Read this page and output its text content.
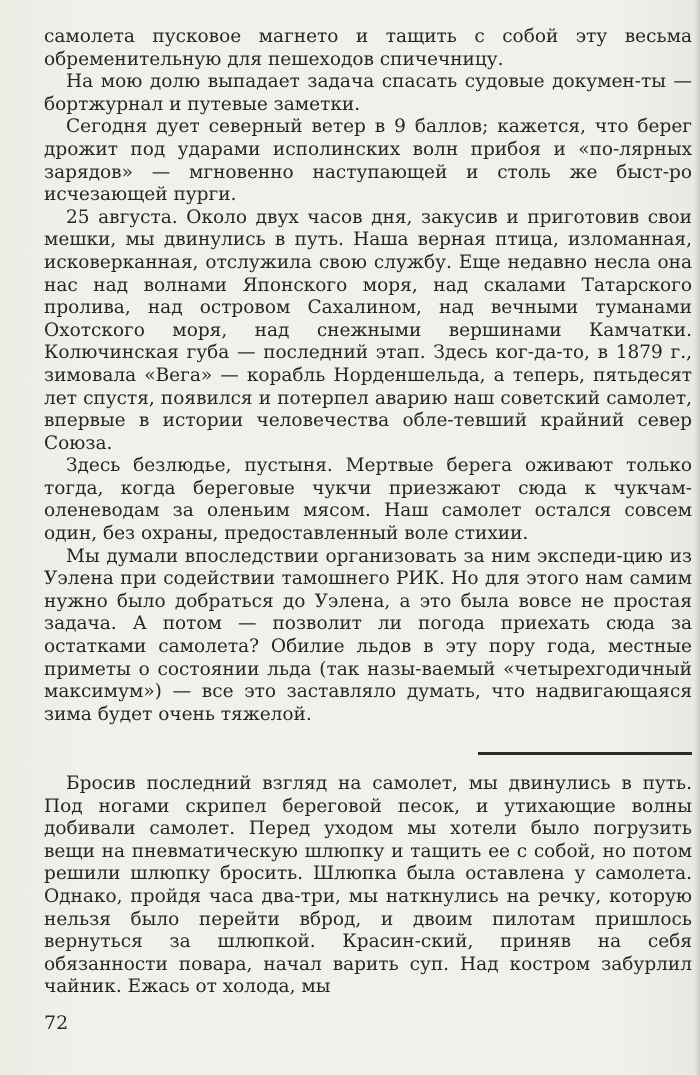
самолета пусковое магнето и тащить с собой эту весьма обременительную для пешеходов спичечницу.

На мою долю выпадает задача спасать судовые докумен-ты — бортжурнал и путевые заметки.

Сегодня дует северный ветер в 9 баллов; кажется, что берег дрожит под ударами исполинских волн прибоя и «по-лярных зарядов» — мгновенно наступающей и столь же быст-ро исчезающей пурги.

25 августа. Около двух часов дня, закусив и приготовив свои мешки, мы двинулись в путь. Наша верная птица, изломанная, исковерканная, отслужила свою службу. Еще недавно несла она нас над волнами Японского моря, над скалами Татарского пролива, над островом Сахалином, над вечными туманами Охотского моря, над снежными вершинами Камчатки. Колючинская губа — последний этап. Здесь ког-да-то, в 1879 г., зимовала «Вега» — корабль Норденшельда, а теперь, пятьдесят лет спустя, появился и потерпел аварию наш советский самолет, впервые в истории человечества обле-тевший крайний север Союза.

Здесь безлюдье, пустыня. Мертвые берега оживают только тогда, когда береговые чукчи приезжают сюда к чукчам-оленеводам за оленьим мясом. Наш самолет остался совсем один, без охраны, предоставленный воле стихии.

Мы думали впоследствии организовать за ним экспеди-цию из Уэлена при содействии тамошнего РИК. Но для этого нам самим нужно было добраться до Уэлена, а это была вовсе не простая задача. А потом — позволит ли погода приехать сюда за остатками самолета? Обилие льдов в эту пору года, местные приметы о состоянии льда (так назы-ваемый «четырехгодичный максимум») — все это заставляло думать, что надвигающаяся зима будет очень тяжелой.

Бросив последний взгляд на самолет, мы двинулись в путь. Под ногами скрипел береговой песок, и утихающие волны добивали самолет. Перед уходом мы хотели было погрузить вещи на пневматическую шлюпку и тащить ее с собой, но потом решили шлюпку бросить. Шлюпка была оставлена у самолета. Однако, пройдя часа два-три, мы наткнулись на речку, которую нельзя было перейти вброд, и двоим пилотам пришлось вернуться за шлюпкой. Красин-ский, приняв на себя обязанности повара, начал варить суп. Над костром забурлил чайник. Ежась от холода, мы

72
